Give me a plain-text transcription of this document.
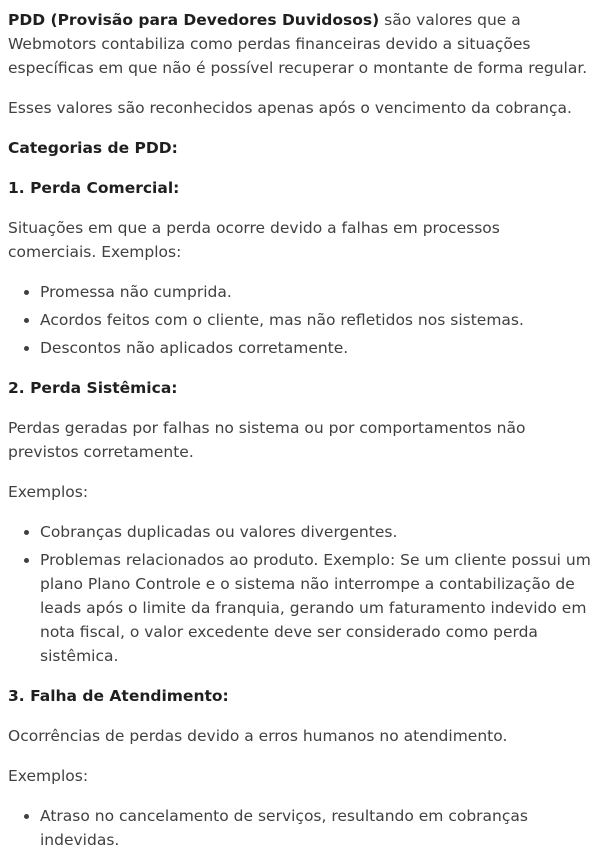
PDD (Provisão para Devedores Duvidosos) são valores que a Webmotors contabiliza como perdas financeiras devido a situações específicas em que não é possível recuperar o montante de forma regular.

Esses valores são reconhecidos apenas após o vencimento da cobrança.

Categorias de PDD:
1. Perda Comercial:

Situações em que a perda ocorre devido a falhas em processos comerciais. Exemplos:

• Promessa não cumprida.
• Acordos feitos com o cliente, mas não refletidos nos sistemas.
• Descontos não aplicados corretamente.
2. Perda Sistêmica:

Perdas geradas por falhas no sistema ou por comportamentos não previstos corretamente.

Exemplos:

• Cobranças duplicadas ou valores divergentes.
• Problemas relacionados ao produto. Exemplo: Se um cliente possui um plano Plano Controle e o sistema não interrompe a contabilização de leads após o limite da franquia, gerando um faturamento indevido em nota fiscal, o valor excedente deve ser considerado como perda sistêmica.
3. Falha de Atendimento:

Ocorrências de perdas devido a erros humanos no atendimento.

Exemplos:

• Atraso no cancelamento de serviços, resultando em cobranças indevidas.
